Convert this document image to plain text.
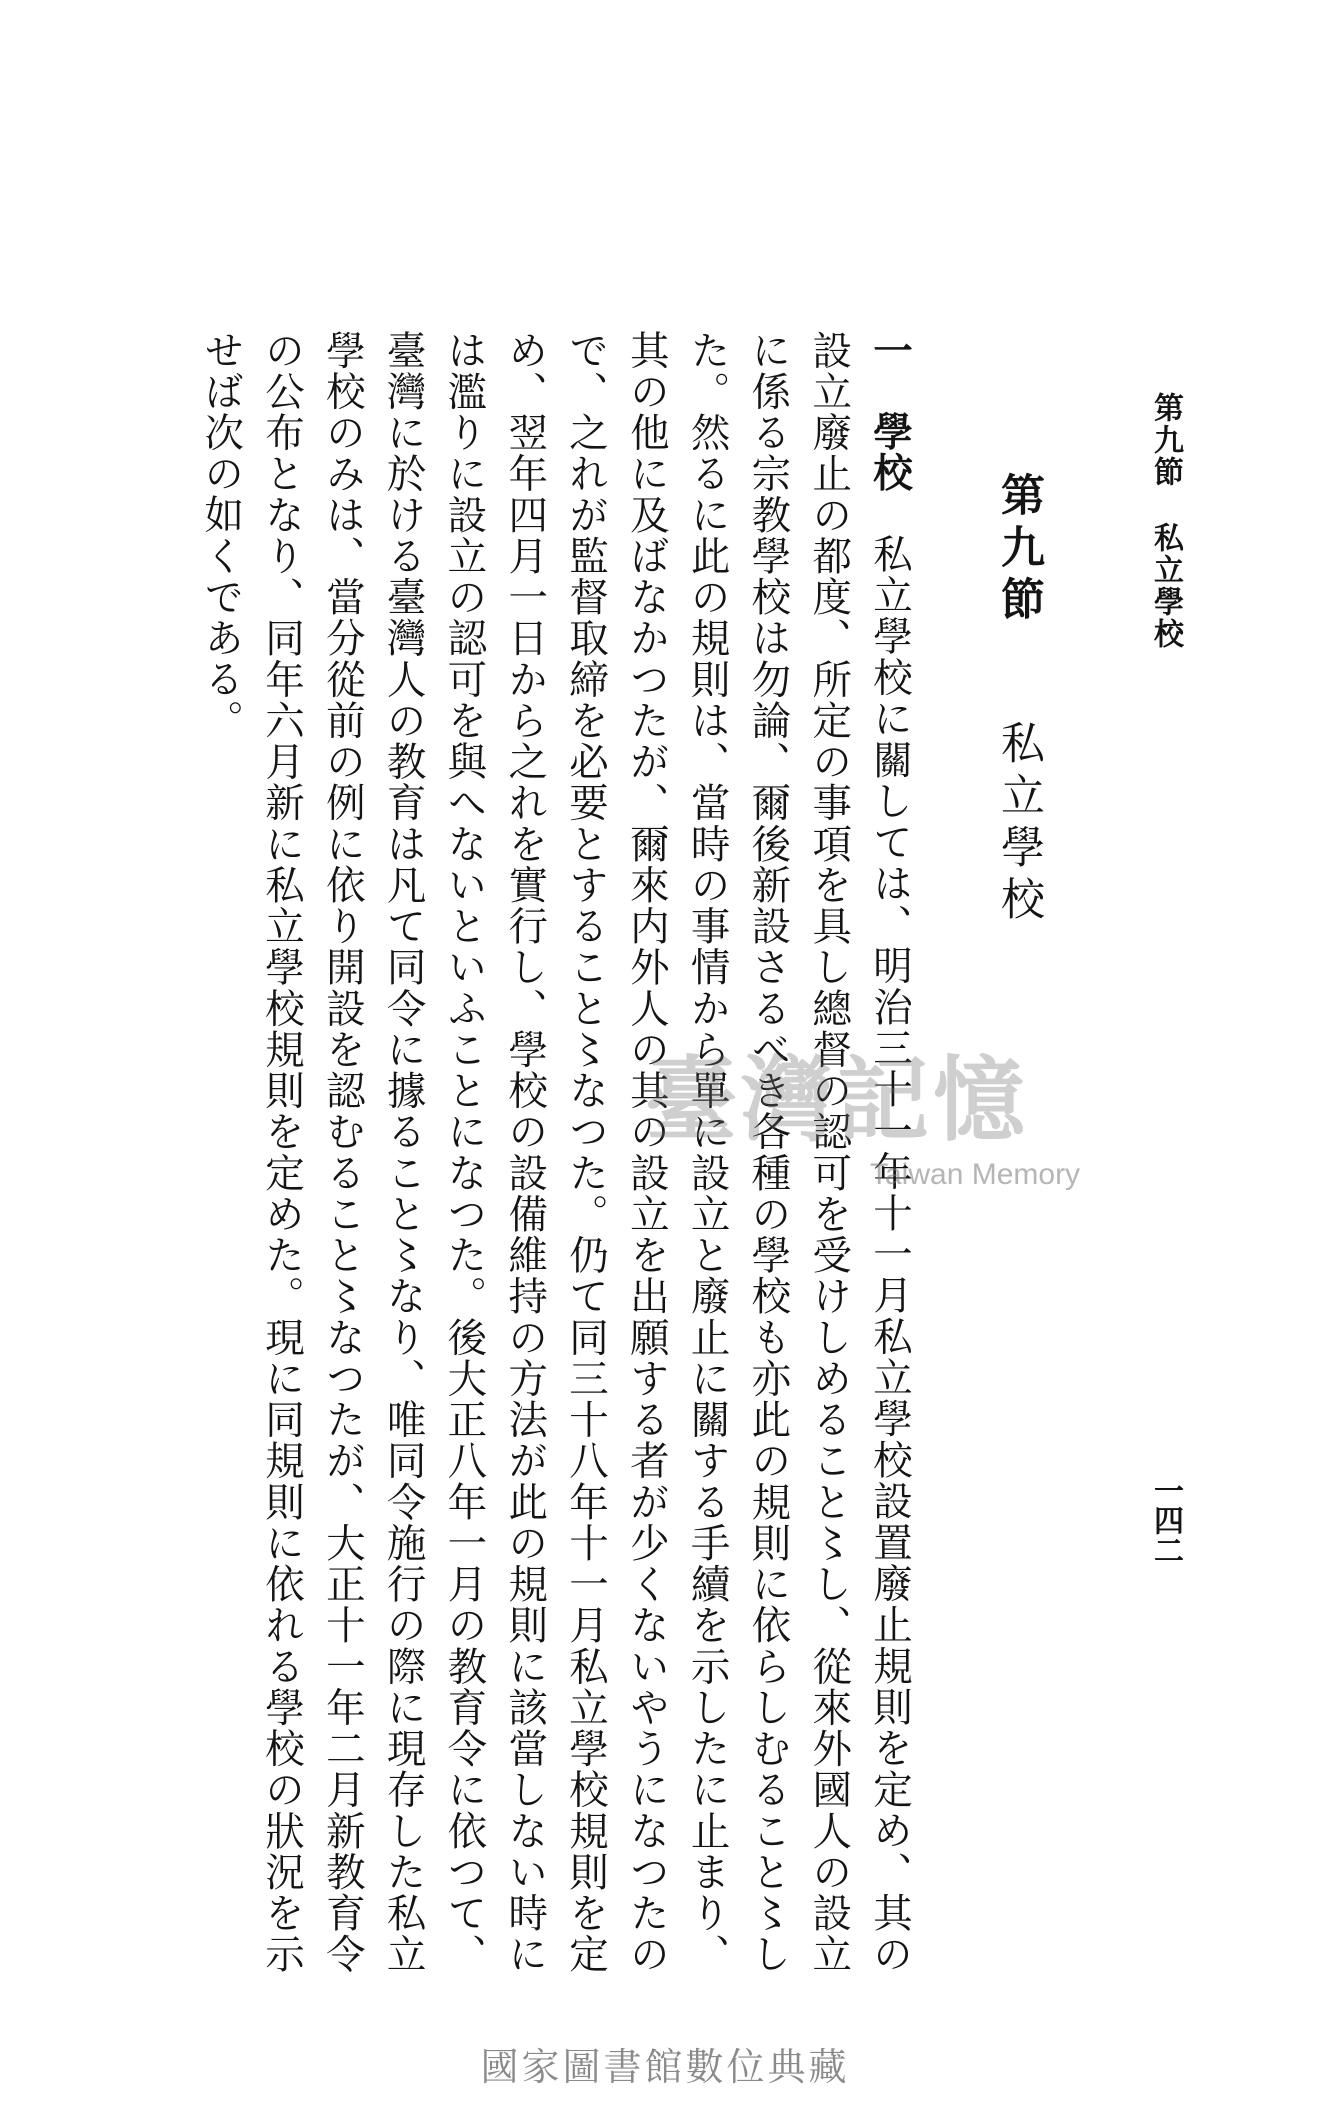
第九節私立學校
一四二
第九節私立學校
一學校私立學校に關しては、明治三十一年十一月私立學校設置廢止規則を定め、其の設立廢止の都度、所定の事項を具し總督の認可を受けしめること〻し、從來外國人の設立に係る宗教學校は勿論、爾後新設さるべき各種の學校も亦此の規則に依らしむること〻した。然るに此の規則は、當時の事情から單に設立と廢止に關する手續を示したに止まり、其の他に及ばなかつたが、爾來内外人の其の設立を出願する者が少くないやうになつたので、之れが監督取締を必要とすること〻なつた。仍て同三十八年十一月私立學校規則を定め、翌年四月一日から之れを實行し、學校の設備維持の方法が此の規則に該當しない時には濫りに設立の認可を與へないといふことになつた。後大正八年一月の教育令に依つて、臺灣に於ける臺灣人の教育は凡て同令に據ること〻なり、唯同令施行の際に現存した私立學校のみは、當分從前の例に依り開設を認むること〻なつたが、大正十一年二月新教育令の公布となり、同年六月新に私立學校規則を定めた。現に同規則に依れる學校の狀況を示せば次の如くである。
臺灣記憶
Taiwan Memory
國家圖書館數位典藏
